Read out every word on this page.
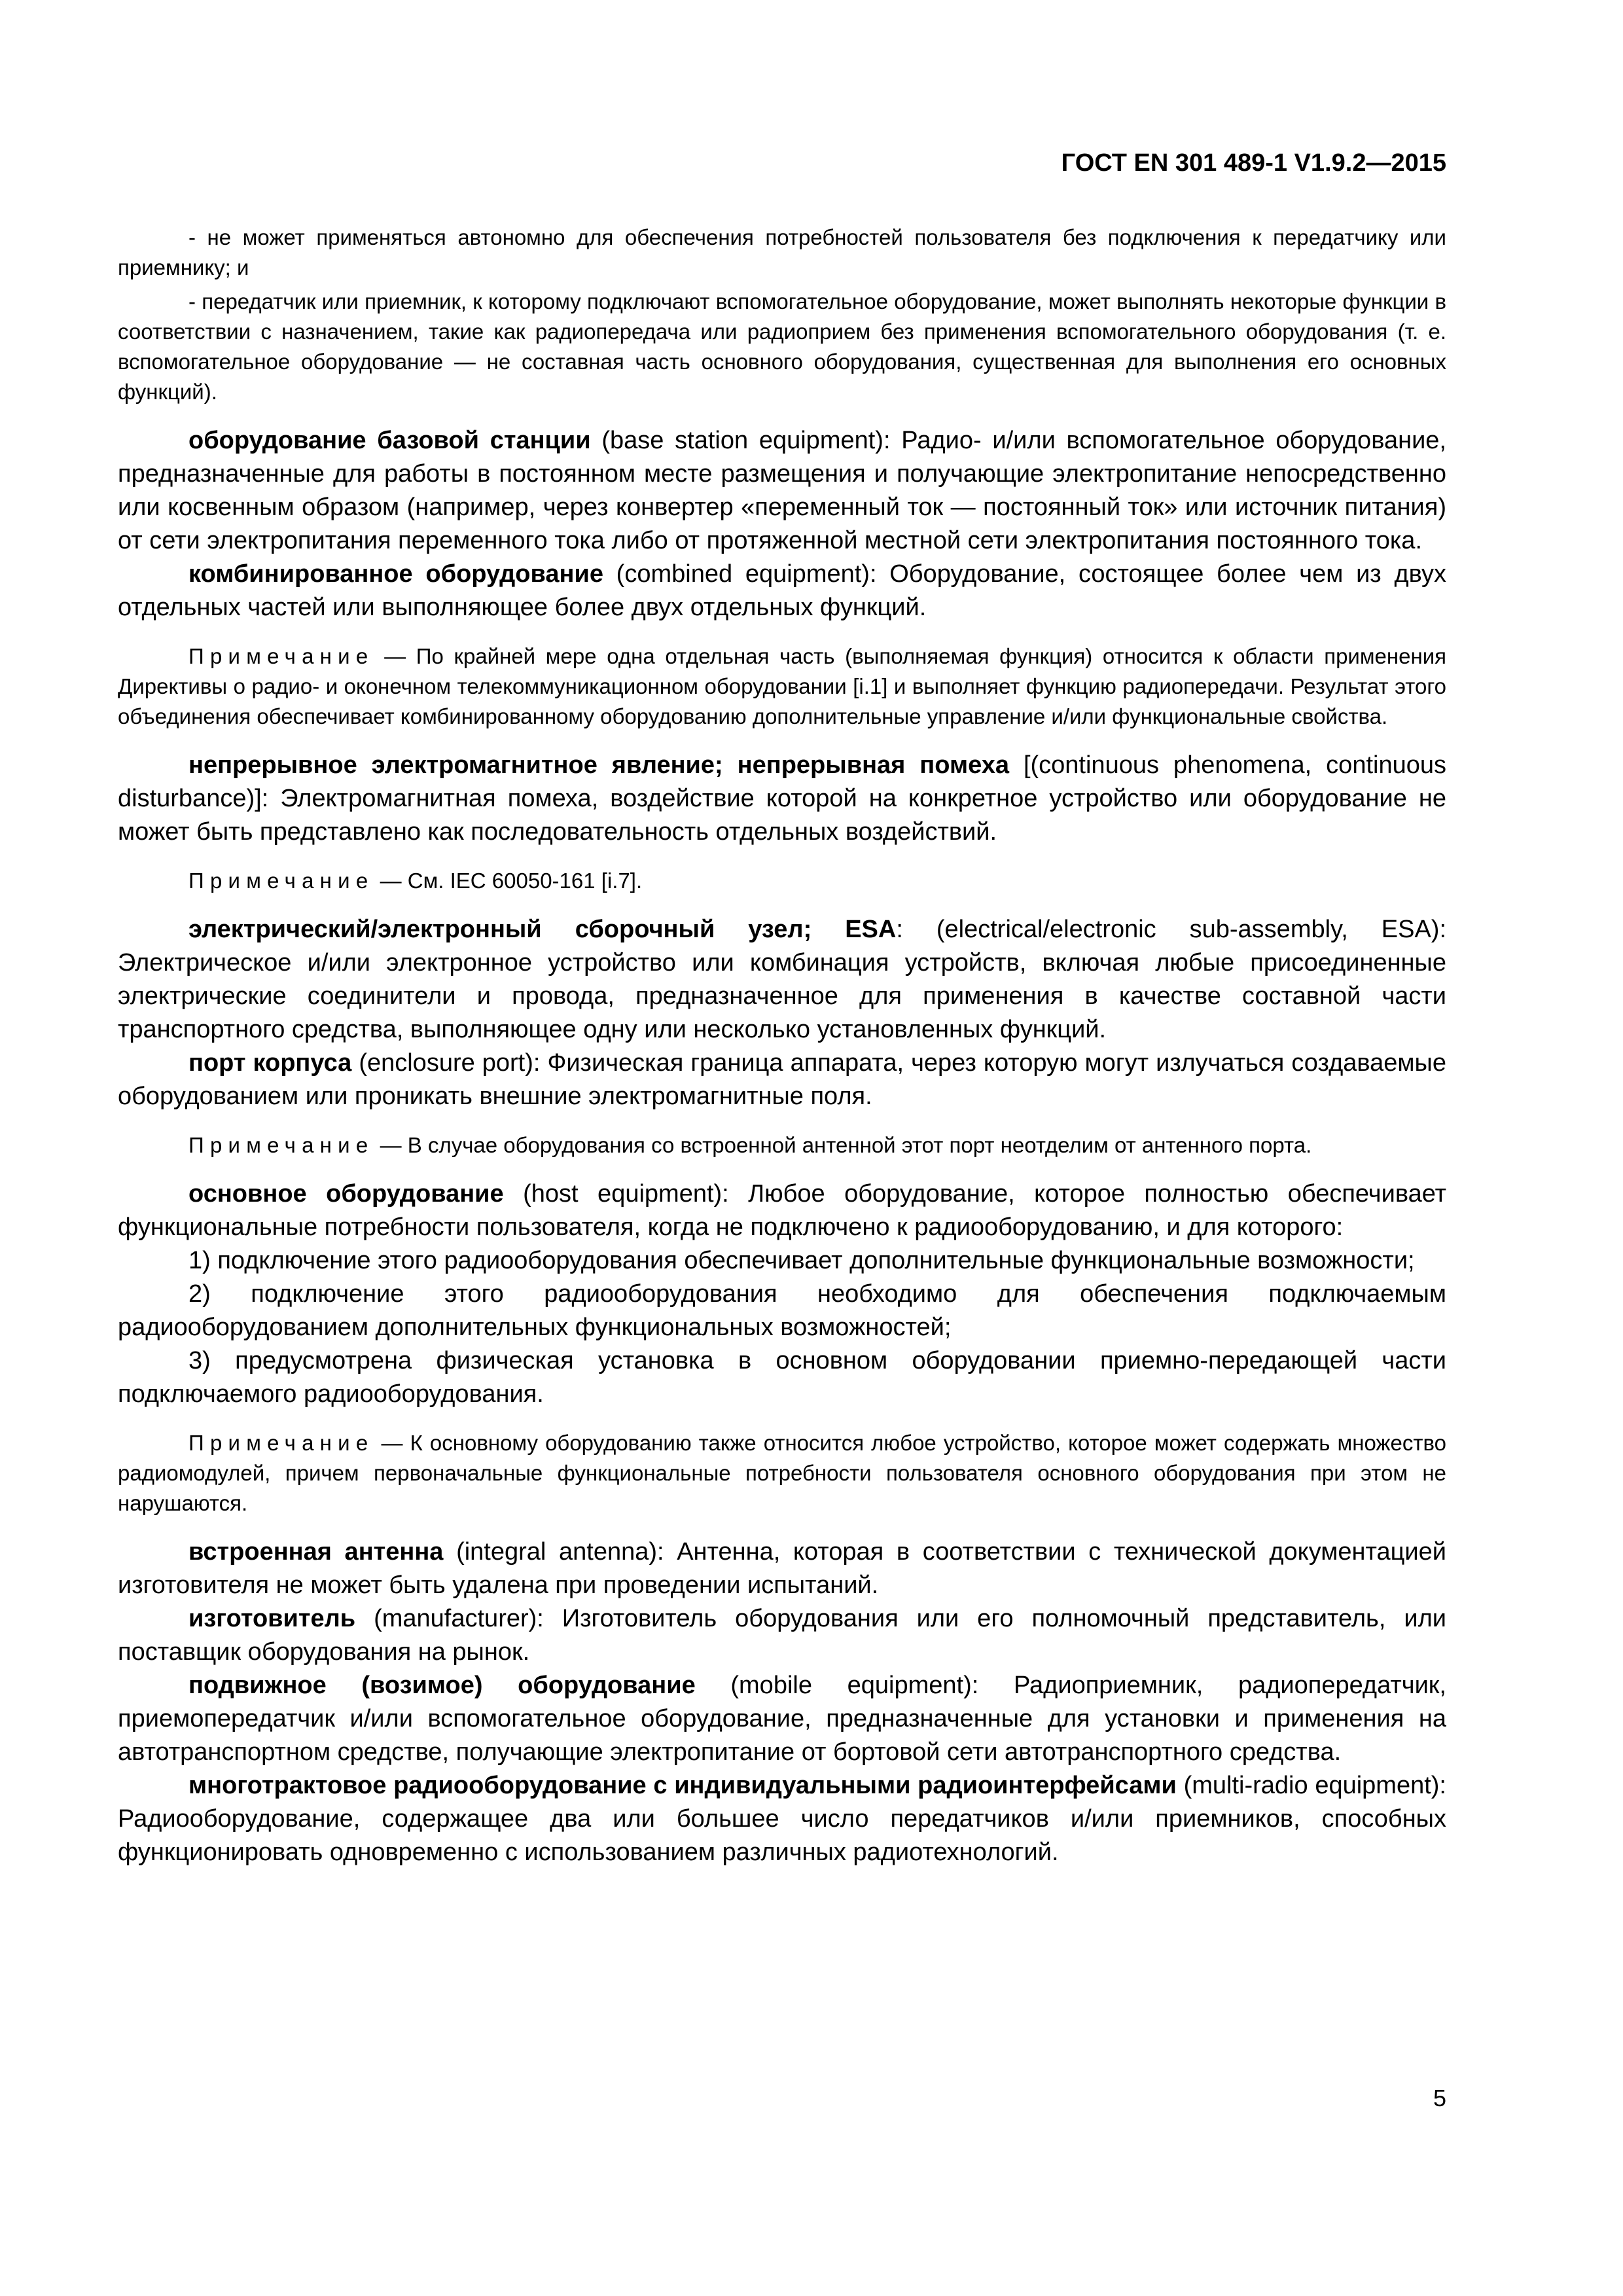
ГОСТ EN 301 489-1 V1.9.2—2015

- не может применяться автономно для обеспечения потребностей пользователя без подключения к передатчику или приемнику; и

- передатчик или приемник, к которому подключают вспомогательное оборудование, может выполнять некоторые функции в соответствии с назначением, такие как радиопередача или радиоприем без применения вспомогательного оборудования (т. е. вспомогательное оборудование — не составная часть основного оборудования, существенная для выполнения его основных функций).

оборудование базовой станции (base station equipment): Радио- и/или вспомогательное оборудование, предназначенные для работы в постоянном месте размещения и получающие электропитание непосредственно или косвенным образом (например, через конвертер «переменный ток — постоянный ток» или источник питания) от сети электропитания переменного тока либо от протяженной местной сети электропитания постоянного тока.

комбинированное оборудование (combined equipment): Оборудование, состоящее более чем из двух отдельных частей или выполняющее более двух отдельных функций.

Примечание — По крайней мере одна отдельная часть (выполняемая функция) относится к области применения Директивы о радио- и оконечном телекоммуникационном оборудовании [i.1] и выполняет функцию радиопередачи. Результат этого объединения обеспечивает комбинированному оборудованию дополнительные управление и/или функциональные свойства.

непрерывное электромагнитное явление; непрерывная помеха [(continuous phenomena, continuous disturbance)]: Электромагнитная помеха, воздействие которой на конкретное устройство или оборудование не может быть представлено как последовательность отдельных воздействий.

Примечание — См. IEC 60050-161 [i.7].

электрический/электронный сборочный узел; ESA: (electrical/electronic sub-assembly, ESA): Электрическое и/или электронное устройство или комбинация устройств, включая любые присоединенные электрические соединители и провода, предназначенное для применения в качестве составной части транспортного средства, выполняющее одну или несколько установленных функций.

порт корпуса (enclosure port): Физическая граница аппарата, через которую могут излучаться создаваемые оборудованием или проникать внешние электромагнитные поля.

Примечание — В случае оборудования со встроенной антенной этот порт неотделим от антенного порта.

основное оборудование (host equipment): Любое оборудование, которое полностью обеспечивает функциональные потребности пользователя, когда не подключено к радиооборудованию, и для которого:

1) подключение этого радиооборудования обеспечивает дополнительные функциональные возможности;

2) подключение этого радиооборудования необходимо для обеспечения подключаемым радиооборудованием дополнительных функциональных возможностей;

3) предусмотрена физическая установка в основном оборудовании приемно-передающей части подключаемого радиооборудования.

Примечание — К основному оборудованию также относится любое устройство, которое может содержать множество радиомодулей, причем первоначальные функциональные потребности пользователя основного оборудования при этом не нарушаются.

встроенная антенна (integral antenna): Антенна, которая в соответствии с технической документацией изготовителя не может быть удалена при проведении испытаний.

изготовитель (manufacturer): Изготовитель оборудования или его полномочный представитель, или поставщик оборудования на рынок.

подвижное (возимое) оборудование (mobile equipment): Радиоприемник, радиопередатчик, приемопередатчик и/или вспомогательное оборудование, предназначенные для установки и применения на автотранспортном средстве, получающие электропитание от бортовой сети автотранспортного средства.

многотрактовое радиооборудование с индивидуальными радиоинтерфейсами (multi-radio equipment): Радиооборудование, содержащее два или большее число передатчиков и/или приемников, способных функционировать одновременно с использованием различных радиотехнологий.

5
